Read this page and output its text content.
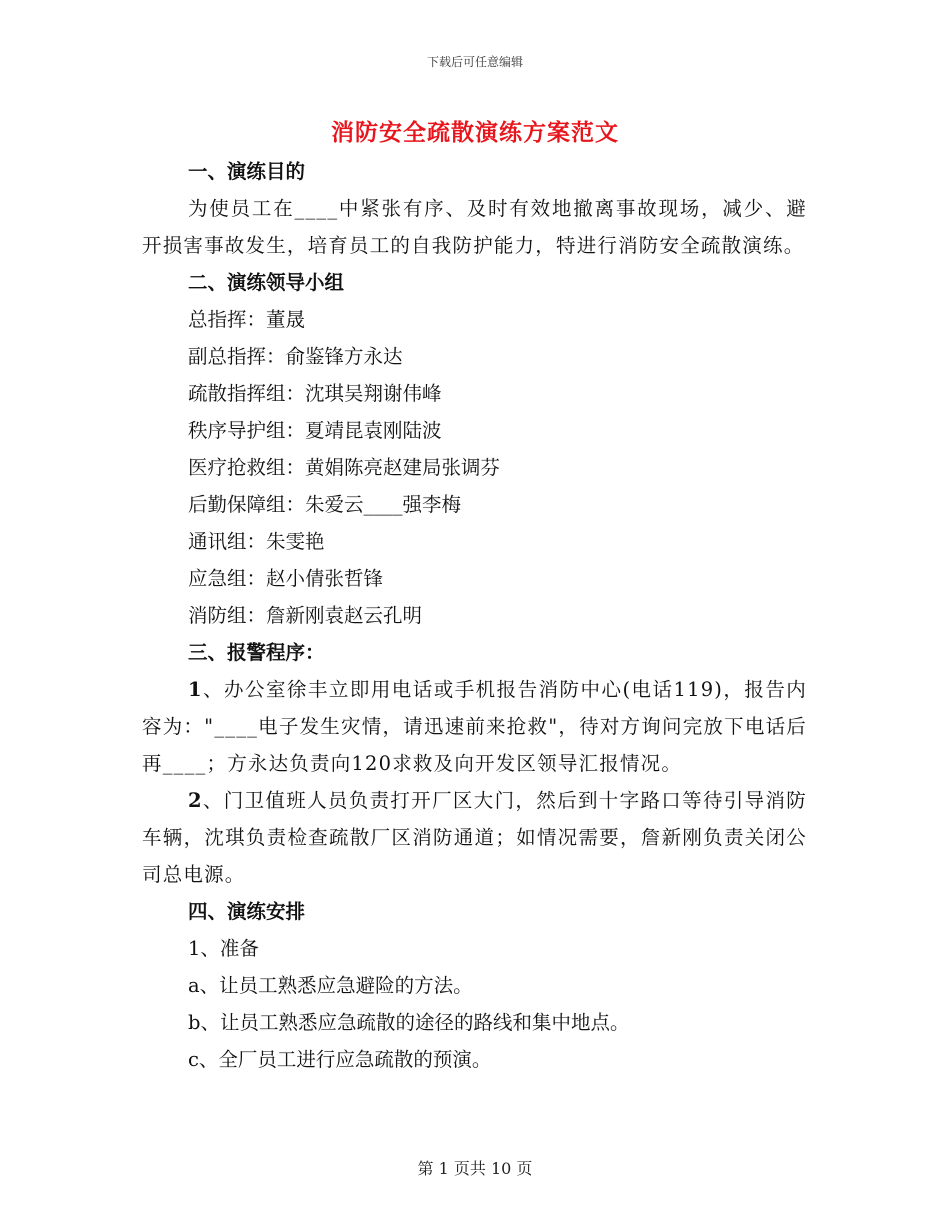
下载后可任意编辑
消防安全疏散演练方案范文

一、演练目的

为使员工在____中紧张有序、及时有效地撤离事故现场，减少、避开损害事故发生，培育员工的自我防护能力，特进行消防安全疏散演练。

二、演练领导小组

总指挥：董晟

副总指挥：俞鉴锋方永达

疏散指挥组：沈琪吴翔谢伟峰

秩序导护组：夏靖昆袁刚陆波

医疗抢救组：黄娟陈亮赵建局张调芬

后勤保障组：朱爱云____强李梅

通讯组：朱雯艳

应急组：赵小倩张哲锋

消防组：詹新刚袁赵云孔明

三、报警程序：

1、办公室徐丰立即用电话或手机报告消防中心(电话119)，报告内容为："____电子发生灾情，请迅速前来抢救"，待对方询问完放下电话后再____；方永达负责向120求救及向开发区领导汇报情况。

2、门卫值班人员负责打开厂区大门，然后到十字路口等待引导消防车辆，沈琪负责检查疏散厂区消防通道；如情况需要，詹新刚负责关闭公司总电源。

四、演练安排

1、准备

a、让员工熟悉应急避险的方法。

b、让员工熟悉应急疏散的途径的路线和集中地点。

c、全厂员工进行应急疏散的预演。

第 1 页共 10 页
